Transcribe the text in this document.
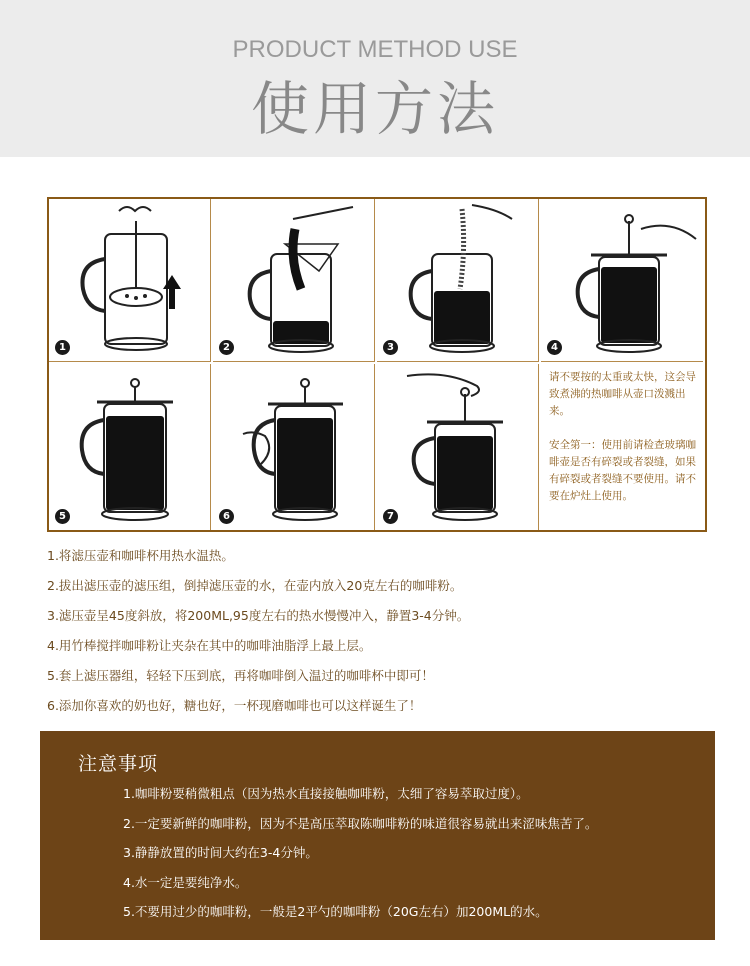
PRODUCT METHOD USE
使用方法
1	2	3	4
5	6	7

请不要按的太重或太快，这会导致煮沸的热咖啡从壶口泼溅出来。

安全第一：使用前请检查玻璃咖啡壶是否有碎裂或者裂缝，如果有碎裂或者裂缝不要使用。请不要在炉灶上使用。

1.将滤压壶和咖啡杯用热水温热。
2.拔出滤压壶的滤压组，倒掉滤压壶的水，在壶内放入20克左右的咖啡粉。
3.滤压壶呈45度斜放，将200ML,95度左右的热水慢慢冲入，静置3-4分钟。
4.用竹棒搅拌咖啡粉让夹杂在其中的咖啡油脂浮上最上层。
5.套上滤压器组，轻轻下压到底，再将咖啡倒入温过的咖啡杯中即可！
6.添加你喜欢的奶也好，糖也好，一杯现磨咖啡也可以这样诞生了！
注意事项
1.咖啡粉要稍微粗点（因为热水直接接触咖啡粉，太细了容易萃取过度）。
2.一定要新鲜的咖啡粉，因为不是高压萃取陈咖啡粉的味道很容易就出来涩味焦苦了。
3.静静放置的时间大约在3-4分钟。
4.水一定是要纯净水。
5.不要用过少的咖啡粉，一般是2平勺的咖啡粉（20G左右）加200ML的水。
